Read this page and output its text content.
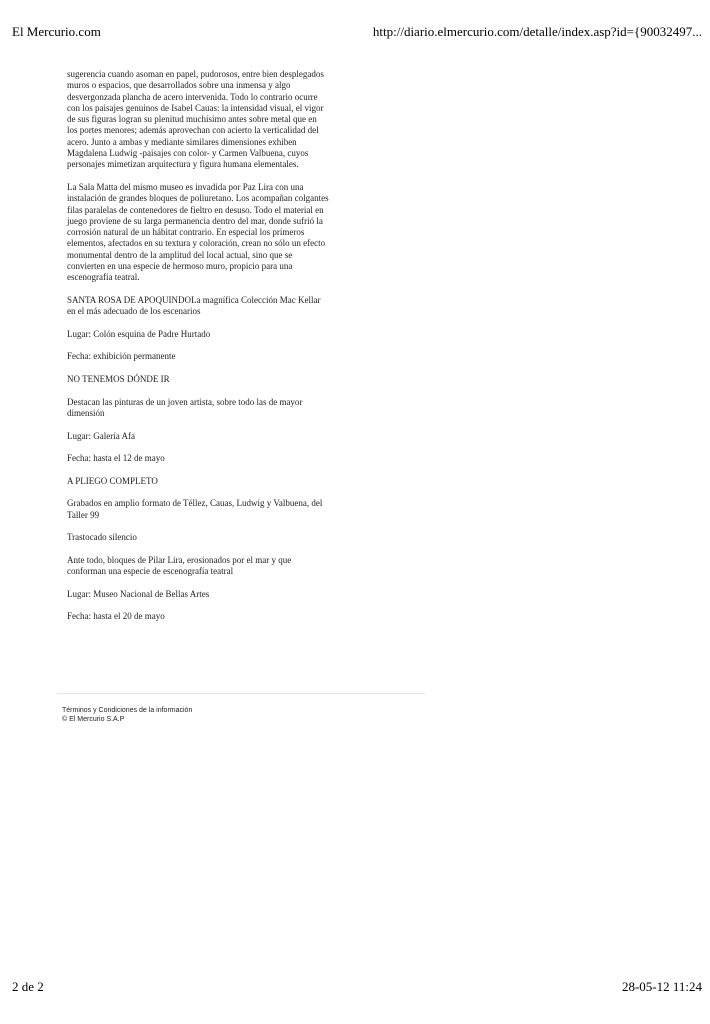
El Mercurio.com	http://diario.elmercurio.com/detalle/index.asp?id={90032497...

sugerencia cuando asoman en papel, pudorosos, entre bien desplegados muros o espacios, que desarrollados sobre una inmensa y algo desvergonzada plancha de acero intervenida. Todo lo contrario ocurre con los paisajes genuinos de Isabel Cauas: la intensidad visual, el vigor de sus figuras logran su plenitud muchísimo antes sobre metal que en los portes menores; además aprovechan con acierto la verticalidad del acero. Junto a ambas y mediante similares dimensiones exhiben Magdalena Ludwig -paisajes con color- y Carmen Valbuena, cuyos personajes mimetizan arquitectura y figura humana elementales.

La Sala Matta del mismo museo es invadida por Paz Lira con una instalación de grandes bloques de poliuretano. Los acompañan colgantes filas paralelas de contenedores de fieltro en desuso. Todo el material en juego proviene de su larga permanencia dentro del mar, donde sufrió la corrosión natural de un hábitat contrario. En especial los primeros elementos, afectados en su textura y coloración, crean no sólo un efecto monumental dentro de la amplitud del local actual, sino que se convierten en una especie de hermoso muro, propicio para una escenografía teatral.

SANTA ROSA DE APOQUINDOLa magnífica Colección Mac Kellar en el más adecuado de los escenarios

Lugar: Colón esquina de Padre Hurtado

Fecha: exhibición permanente

NO TENEMOS DÓNDE IR

Destacan las pinturas de un joven artista, sobre todo las de mayor dimensión

Lugar: Galería Afa

Fecha: hasta el 12 de mayo

A PLIEGO COMPLETO

Grabados en amplio formato de Téllez, Cauas, Ludwig y Valbuena, del Taller 99

Trastocado silencio

Ante todo, bloques de Pilar Lira, erosionados por el mar y que conforman una especie de escenografía teatral

Lugar: Museo Nacional de Bellas Artes

Fecha: hasta el 20 de mayo

Términos y Condiciones de la información
© El Mercurio S.A.P
2 de 2	28-05-12 11:24
